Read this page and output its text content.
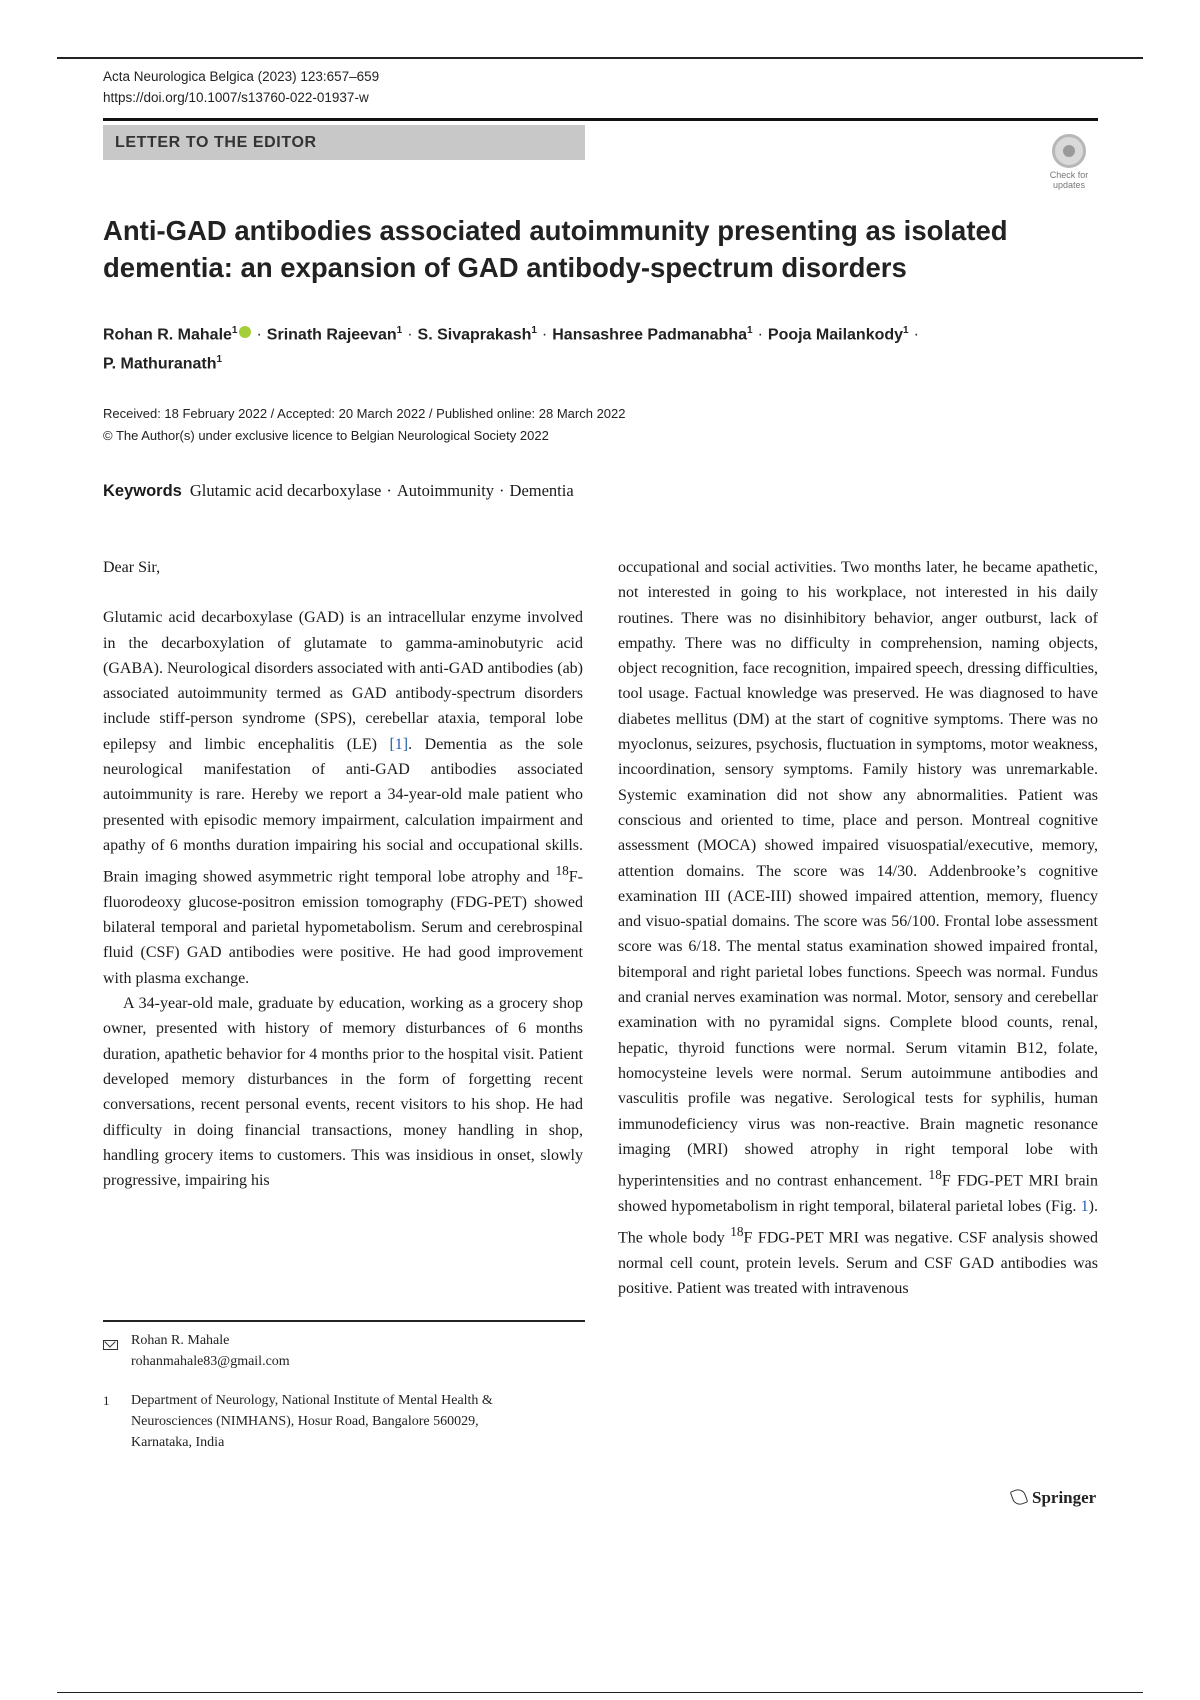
Acta Neurologica Belgica (2023) 123:657–659
https://doi.org/10.1007/s13760-022-01937-w
LETTER TO THE EDITOR
Check for updates
Anti-GAD antibodies associated autoimmunity presenting as isolated dementia: an expansion of GAD antibody-spectrum disorders
Rohan R. Mahale$^1$ · Srinath Rajeevan$^1$ · S. Sivaprakash$^1$ · Hansashree Padmanabha$^1$ · Pooja Mailankody$^1$ ·
P. Mathuranath$^1$
Received: 18 February 2022 / Accepted: 20 March 2022 / Published online: 28 March 2022
© The Author(s) under exclusive licence to Belgian Neurological Society 2022
Keywords Glutamic acid decarboxylase · Autoimmunity · Dementia

Dear Sir,

Glutamic acid decarboxylase (GAD) is an intracellular enzyme involved in the decarboxylation of glutamate to gamma-aminobutyric acid (GABA). Neurological disorders associated with anti-GAD antibodies (ab) associated autoimmunity termed as GAD antibody-spectrum disorders include stiff-person syndrome (SPS), cerebellar ataxia, temporal lobe epilepsy and limbic encephalitis (LE) [1]. Dementia as the sole neurological manifestation of anti-GAD antibodies associated autoimmunity is rare. Hereby we report a 34-year-old male patient who presented with episodic memory impairment, calculation impairment and apathy of 6 months duration impairing his social and occupational skills. Brain imaging showed asymmetric right temporal lobe atrophy and $^{18}$F-fluorodeoxy glucose-positron emission tomography (FDG-PET) showed bilateral temporal and parietal hypometabolism. Serum and cerebrospinal fluid (CSF) GAD antibodies were positive. He had good improvement with plasma exchange.

A 34-year-old male, graduate by education, working as a grocery shop owner, presented with history of memory disturbances of 6 months duration, apathetic behavior for 4 months prior to the hospital visit. Patient developed memory disturbances in the form of forgetting recent conversations, recent personal events, recent visitors to his shop. He had difficulty in doing financial transactions, money handling in shop, handling grocery items to customers. This was insidious in onset, slowly progressive, impairing his

occupational and social activities. Two months later, he became apathetic, not interested in going to his workplace, not interested in his daily routines. There was no disinhibitory behavior, anger outburst, lack of empathy. There was no difficulty in comprehension, naming objects, object recognition, face recognition, impaired speech, dressing difficulties, tool usage. Factual knowledge was preserved. He was diagnosed to have diabetes mellitus (DM) at the start of cognitive symptoms. There was no myoclonus, seizures, psychosis, fluctuation in symptoms, motor weakness, incoordination, sensory symptoms. Family history was unremarkable. Systemic examination did not show any abnormalities. Patient was conscious and oriented to time, place and person. Montreal cognitive assessment (MOCA) showed impaired visuospatial/executive, memory, attention domains. The score was 14/30. Addenbrooke’s cognitive examination III (ACE-III) showed impaired attention, memory, fluency and visuo-spatial domains. The score was 56/100. Frontal lobe assessment score was 6/18. The mental status examination showed impaired frontal, bitemporal and right parietal lobes functions. Speech was normal. Fundus and cranial nerves examination was normal. Motor, sensory and cerebellar examination with no pyramidal signs. Complete blood counts, renal, hepatic, thyroid functions were normal. Serum vitamin B12, folate, homocysteine levels were normal. Serum autoimmune antibodies and vasculitis profile was negative. Serological tests for syphilis, human immunodeficiency virus was non-reactive. Brain magnetic resonance imaging (MRI) showed atrophy in right temporal lobe with hyperintensities and no contrast enhancement. $^{18}$F FDG-PET MRI brain showed hypometabolism in right temporal, bilateral parietal lobes (Fig. 1). The whole body $^{18}$F FDG-PET MRI was negative. CSF analysis showed normal cell count, protein levels. Serum and CSF GAD antibodies was positive. Patient was treated with intravenous

Rohan R. Mahale
rohanmahale83@gmail.com
1 Department of Neurology, National Institute of Mental Health & Neurosciences (NIMHANS), Hosur Road, Bangalore 560029, Karnataka, India
Springer
